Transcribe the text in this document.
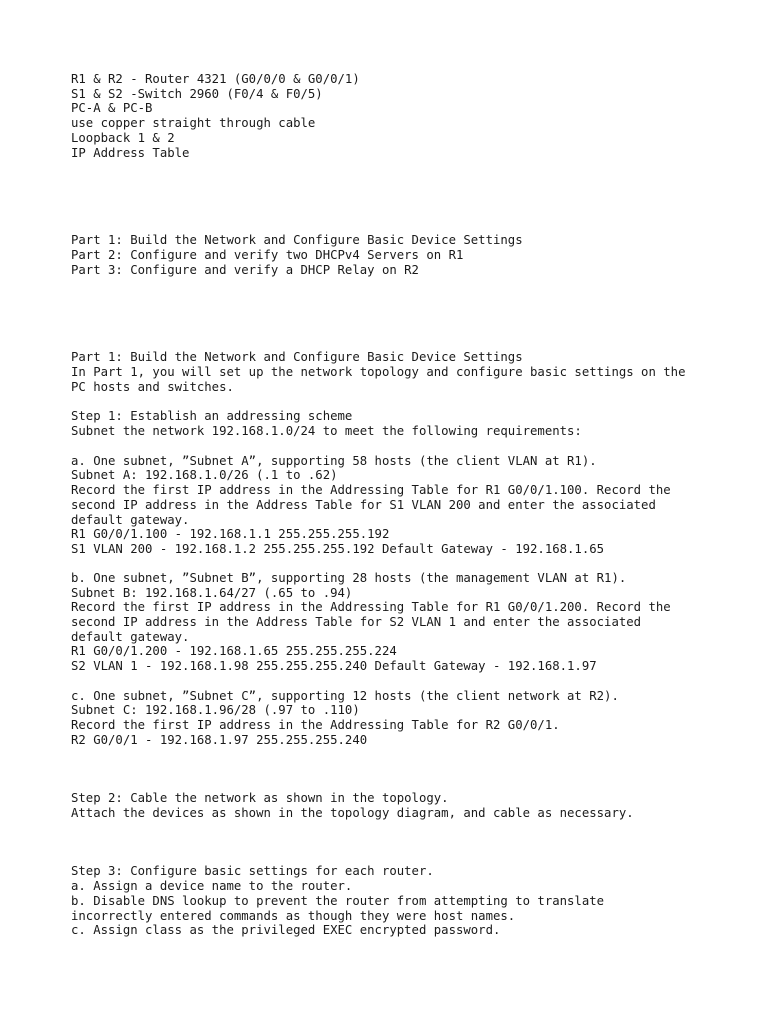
R1 & R2 - Router 4321 (G0/0/0 & G0/0/1)

S1 & S2 -Switch 2960 (F0/4 & F0/5)

PC-A & PC-B

use copper straight through cable

Loopback 1 & 2

IP Address Table

Part 1: Build the Network and Configure Basic Device Settings

Part 2: Configure and verify two DHCPv4 Servers on R1

Part 3: Configure and verify a DHCP Relay on R2

Part 1: Build the Network and Configure Basic Device Settings

In Part 1, you will set up the network topology and configure basic settings on the

PC hosts and switches.

Step 1: Establish an addressing scheme

Subnet the network 192.168.1.0/24 to meet the following requirements:

a. One subnet, ”Subnet A”, supporting 58 hosts (the client VLAN at R1).

Subnet A: 192.168.1.0/26 (.1 to .62)

Record the first IP address in the Addressing Table for R1 G0/0/1.100. Record the

second IP address in the Address Table for S1 VLAN 200 and enter the associated

default gateway.

R1 G0/0/1.100 - 192.168.1.1 255.255.255.192

S1 VLAN 200 - 192.168.1.2 255.255.255.192 Default Gateway - 192.168.1.65

b. One subnet, ”Subnet B”, supporting 28 hosts (the management VLAN at R1).

Subnet B: 192.168.1.64/27 (.65 to .94)

Record the first IP address in the Addressing Table for R1 G0/0/1.200. Record the

second IP address in the Address Table for S2 VLAN 1 and enter the associated

default gateway.

R1 G0/0/1.200 - 192.168.1.65 255.255.255.224

S2 VLAN 1 - 192.168.1.98 255.255.255.240 Default Gateway - 192.168.1.97

c. One subnet, ”Subnet C”, supporting 12 hosts (the client network at R2).

Subnet C: 192.168.1.96/28 (.97 to .110)

Record the first IP address in the Addressing Table for R2 G0/0/1.

R2 G0/0/1 - 192.168.1.97 255.255.255.240

Step 2: Cable the network as shown in the topology.

Attach the devices as shown in the topology diagram, and cable as necessary.

Step 3: Configure basic settings for each router.

a. Assign a device name to the router.

b. Disable DNS lookup to prevent the router from attempting to translate

incorrectly entered commands as though they were host names.

c. Assign class as the privileged EXEC encrypted password.
